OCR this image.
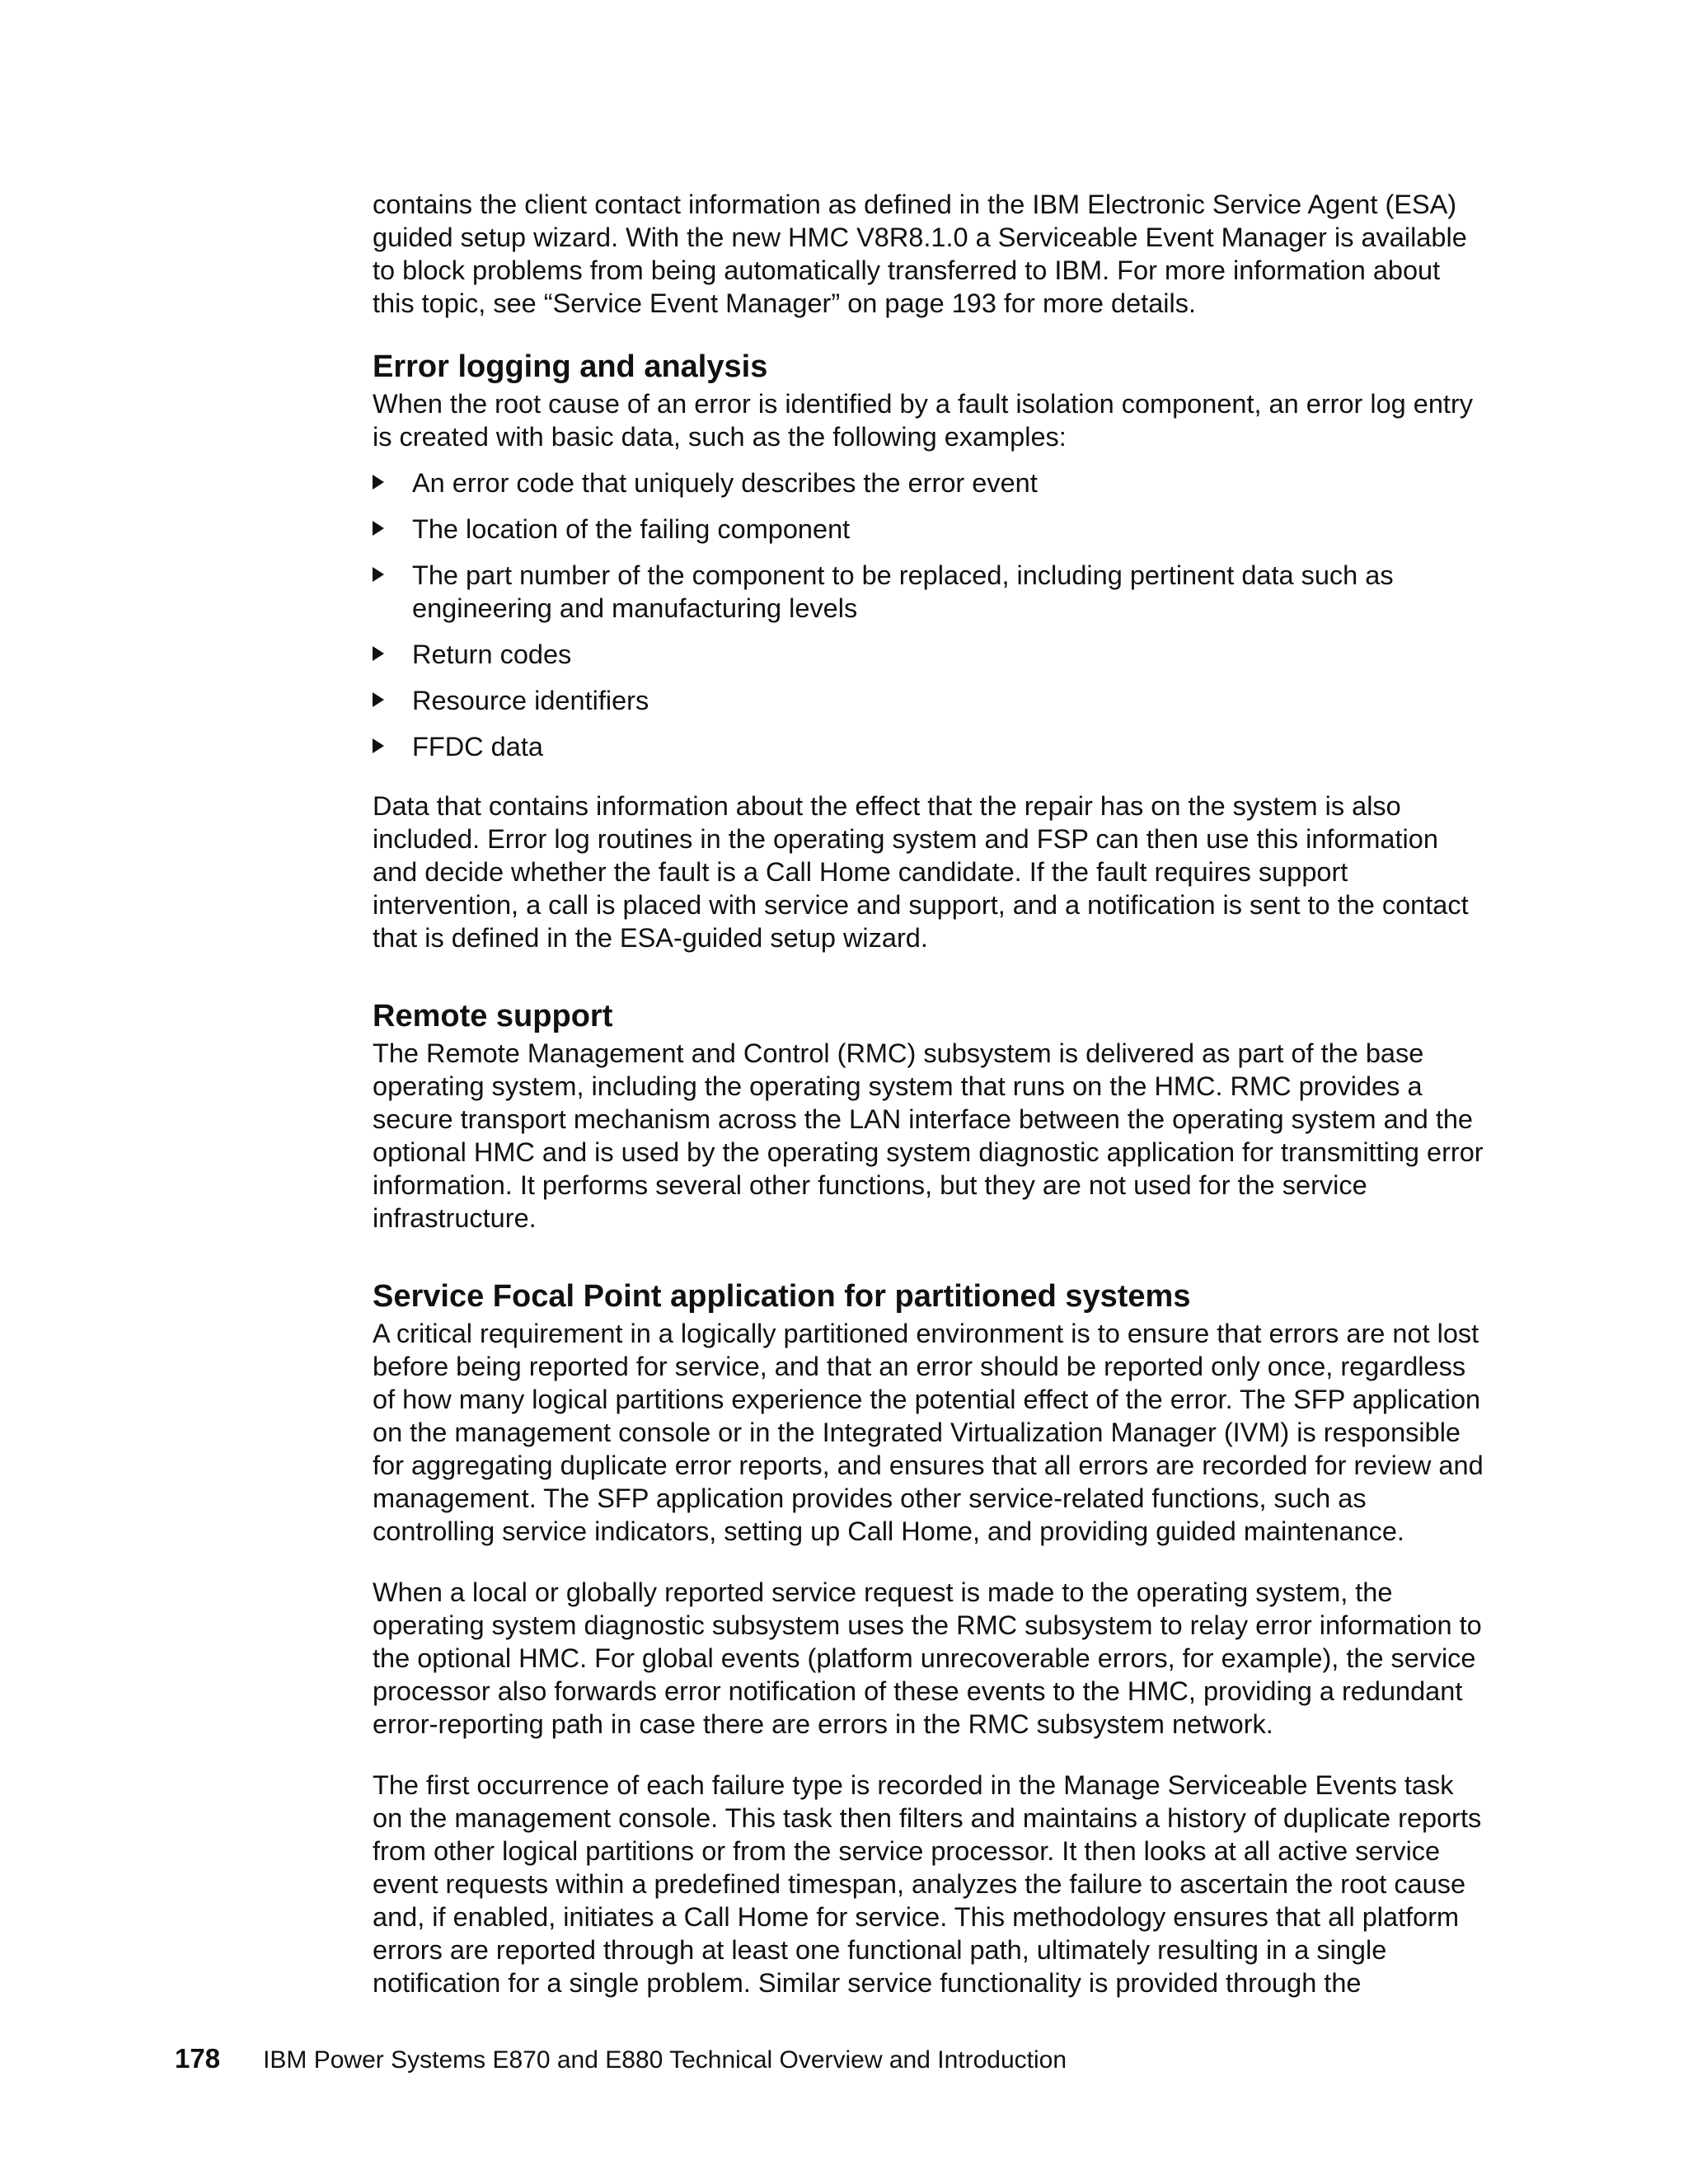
contains the client contact information as defined in the IBM Electronic Service Agent (ESA) guided setup wizard. With the new HMC V8R8.1.0 a Serviceable Event Manager is available to block problems from being automatically transferred to IBM. For more information about this topic, see “Service Event Manager” on page 193 for more details.

Error logging and analysis

When the root cause of an error is identified by a fault isolation component, an error log entry is created with basic data, such as the following examples:

An error code that uniquely describes the error event
The location of the failing component
The part number of the component to be replaced, including pertinent data such as engineering and manufacturing levels
Return codes
Resource identifiers
FFDC data

Data that contains information about the effect that the repair has on the system is also included. Error log routines in the operating system and FSP can then use this information and decide whether the fault is a Call Home candidate. If the fault requires support intervention, a call is placed with service and support, and a notification is sent to the contact that is defined in the ESA-guided setup wizard.

Remote support

The Remote Management and Control (RMC) subsystem is delivered as part of the base operating system, including the operating system that runs on the HMC. RMC provides a secure transport mechanism across the LAN interface between the operating system and the optional HMC and is used by the operating system diagnostic application for transmitting error information. It performs several other functions, but they are not used for the service infrastructure.

Service Focal Point application for partitioned systems

A critical requirement in a logically partitioned environment is to ensure that errors are not lost before being reported for service, and that an error should be reported only once, regardless of how many logical partitions experience the potential effect of the error. The SFP application on the management console or in the Integrated Virtualization Manager (IVM) is responsible for aggregating duplicate error reports, and ensures that all errors are recorded for review and management. The SFP application provides other service-related functions, such as controlling service indicators, setting up Call Home, and providing guided maintenance.

When a local or globally reported service request is made to the operating system, the operating system diagnostic subsystem uses the RMC subsystem to relay error information to the optional HMC. For global events (platform unrecoverable errors, for example), the service processor also forwards error notification of these events to the HMC, providing a redundant error-reporting path in case there are errors in the RMC subsystem network.

The first occurrence of each failure type is recorded in the Manage Serviceable Events task on the management console. This task then filters and maintains a history of duplicate reports from other logical partitions or from the service processor. It then looks at all active service event requests within a predefined timespan, analyzes the failure to ascertain the root cause and, if enabled, initiates a Call Home for service. This methodology ensures that all platform errors are reported through at least one functional path, ultimately resulting in a single notification for a single problem. Similar service functionality is provided through the

178 IBM Power Systems E870 and E880 Technical Overview and Introduction
